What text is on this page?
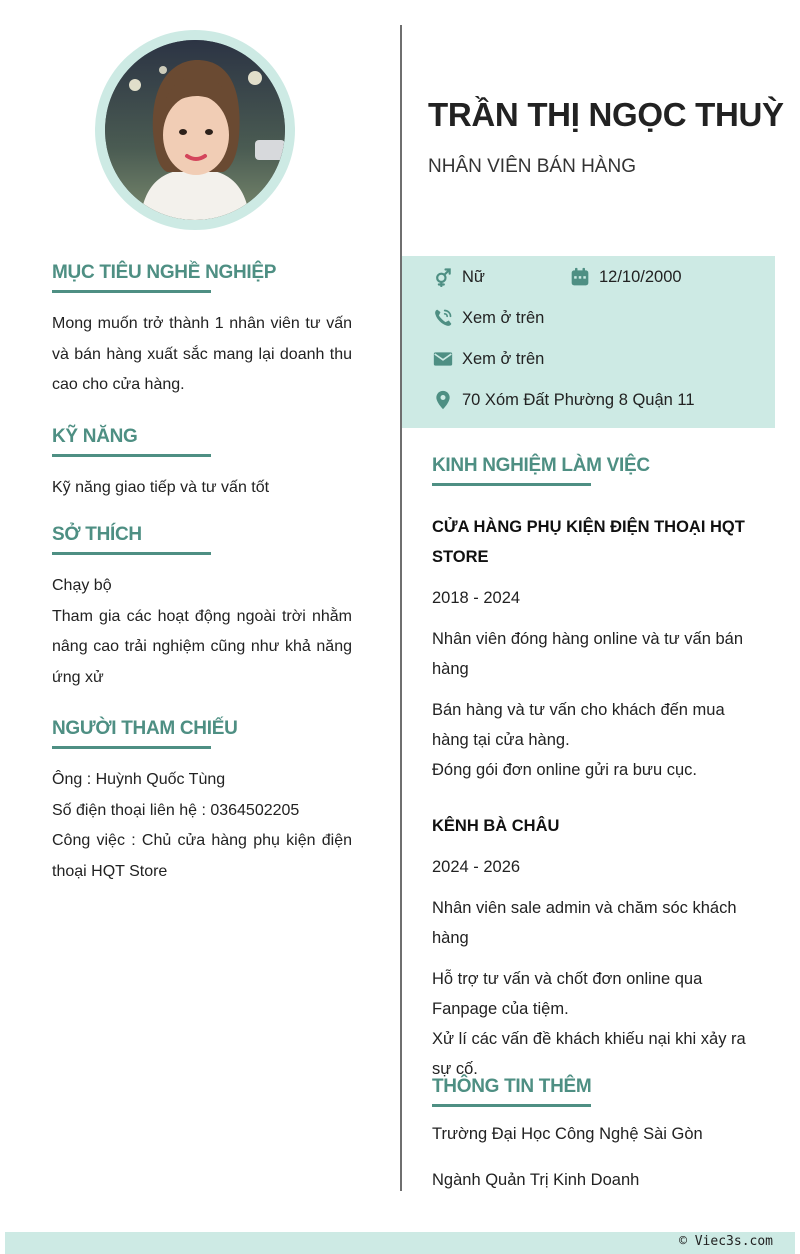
MỤC TIÊU NGHỀ NGHIỆP

Mong muốn trở thành 1 nhân viên tư vấn và bán hàng xuất sắc mang lại doanh thu cao cho cửa hàng.

KỸ NĂNG

Kỹ năng giao tiếp và tư vấn tốt

SỞ THÍCH

Chạy bộ

Tham gia các hoạt động ngoài trời nhằm nâng cao trải nghiệm cũng như khả năng ứng xử

NGƯỜI THAM CHIẾU

Ông : Huỳnh Quốc Tùng

Số điện thoại liên hệ : 0364502205

Công việc : Chủ cửa hàng phụ kiện điện thoại HQT Store

TRẦN THỊ NGỌC THUỲ
NHÂN VIÊN BÁN HÀNG
Nữ	12/10/2000
Xem ở trên
Xem ở trên
70 Xóm Đất Phường 8 Quận 11
KINH NGHIỆM LÀM VIỆC
CỬA HÀNG PHỤ KIỆN ĐIỆN THOẠI HQT STORE
2018 - 2024
Nhân viên đóng hàng online và tư vấn bán hàng
Bán hàng và tư vấn cho khách đến mua hàng tại cửa hàng.
Đóng gói đơn online gửi ra bưu cục.
KÊNH BÀ CHÂU
2024 - 2026
Nhân viên sale admin và chăm sóc khách hàng
Hỗ trợ tư vấn và chốt đơn online qua Fanpage của tiệm.
Xử lí các vấn đề khách khiếu nại khi xảy ra sự cố.
THÔNG TIN THÊM
Trường Đại Học Công Nghệ Sài Gòn
Ngành Quản Trị Kinh Doanh
© Viec3s.com
